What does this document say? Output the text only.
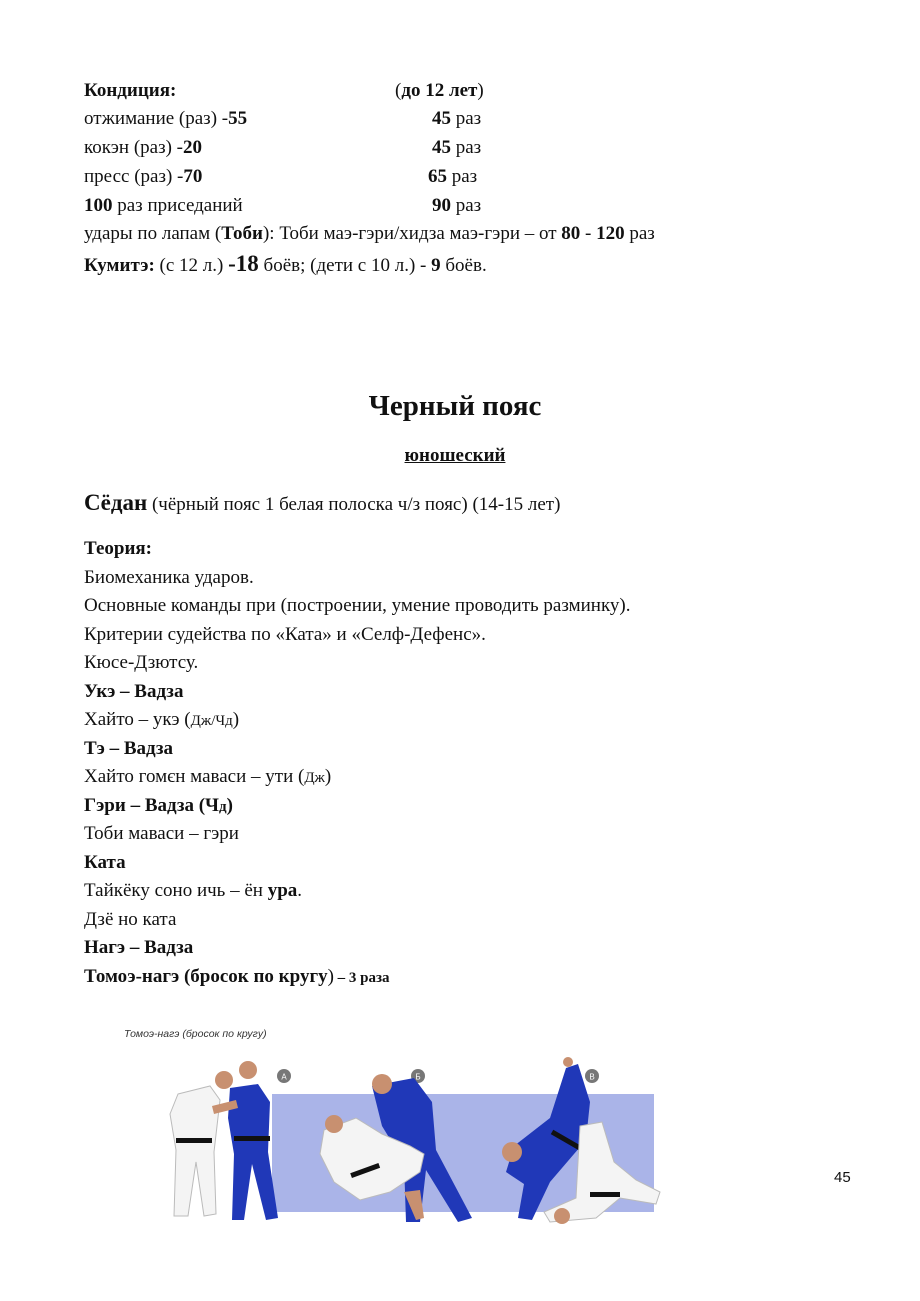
Кондиция:	(до 12 лет)
отжимание (раз) -55	45 раз
кокэн (раз) -20	45 раз
пресс (раз) -70	65 раз
100 раз приседаний	90 раз
удары по лапам (Тоби): Тоби маэ-гэри/хидза маэ-гэри – от 80 - 120 раз
Кумитэ: (с 12 л.) -18 боёв; (дети с 10 л.) - 9 боёв.
Черный пояс
юношеский
Сёдан (чёрный пояс 1 белая полоска ч/з пояс) (14-15 лет)
Теория:
Биомеханика ударов.
Основные команды при (построении, умение проводить разминку).
Критерии судейства по «Ката» и «Селф-Дефенс».
Кюсе-Дзютсу.
Укэ – Вадза
Хайто – укэ (Дж/Чд)
Тэ – Вадза
Хайто гомєн маваси – ути (Дж)
Гэри – Вадза (Чд)
Тоби маваси – гэри
Ката
Тайкёку соно ичь – ён ура.
Дзё но ката
Нагэ – Вадза
Томоэ-нагэ (бросок по кругу) – 3 раза
Томоэ-нагэ (бросок по кругу)
А	Б	В
45
